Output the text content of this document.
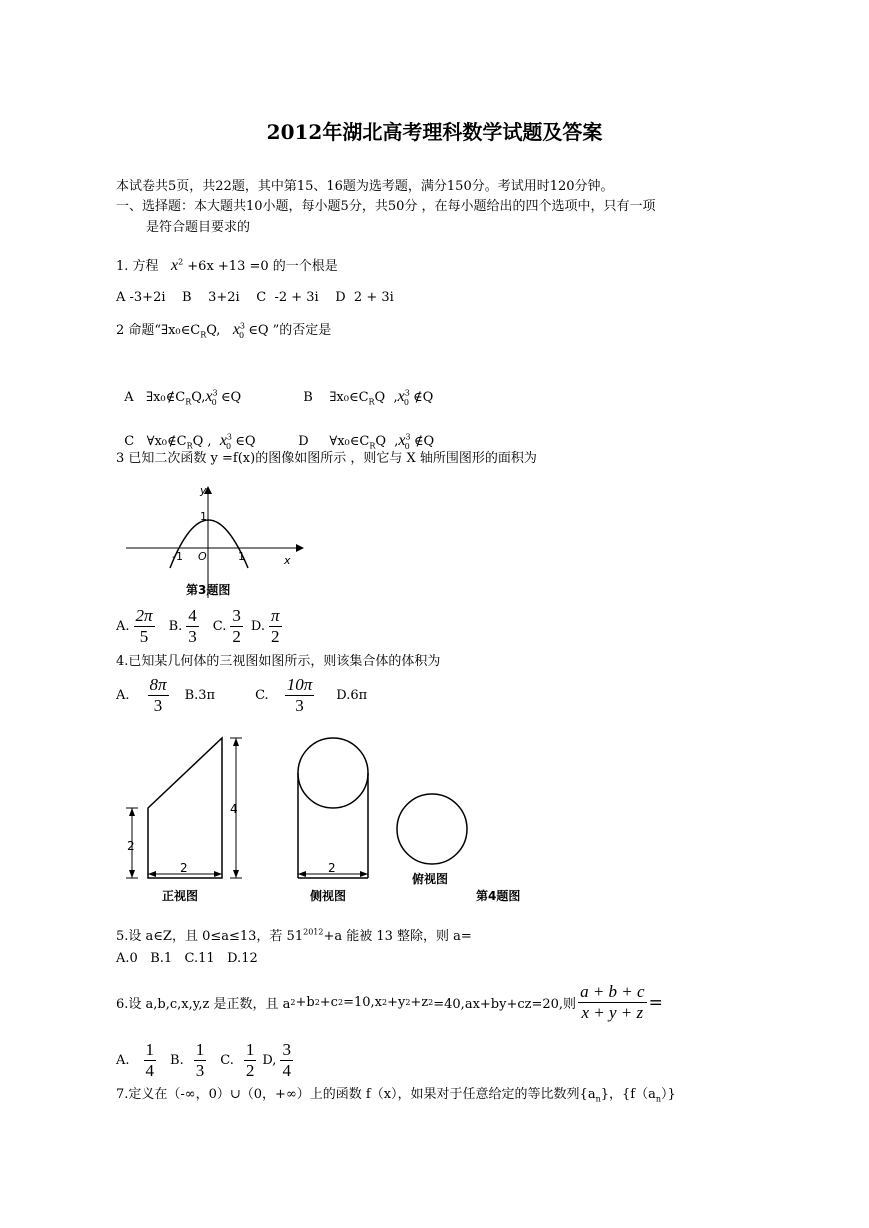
2012年湖北高考理科数学试题及答案
本试卷共5页，共22题，其中第15、16题为选考题，满分150分。考试用时120分钟。
一、选择题：本大题共10小题，每小题5分，共50分 ，在每小题给出的四个选项中，只有一项
是符合题目要求的
1. 方程 $x^2 +6x +13 =0$ 的一个根是
A -3+2i    B    3+2i    C  -2 + 3i    D  2 + 3i
2 命题“$\exists x_0\in C_RQ$, $x^3_0$ ∈Q ”的否定是

A   $\exists x_0\notin C_RQ,x^3_0$ ∈Q	B    $\exists x_0\in C_RQ$  $,x^3_0$ ∉Q

C   $\forall x_0\notin C_RQ$ , $x^3_0$ ∈Q	D     $\forall x_0\in C_RQ$  $,x^3_0$ ∉Q

3 已知二次函数 y =f(x)的图像如图所示 ，则它与 X 轴所围图形的面积为
y
1
-1 O	1	x
第3题图
A. $\frac{2\pi}{5} B$. $\frac{4}{3} C$. $\frac{3}{2} D$. $\frac{\pi}{2}$
4.已知某几何体的三视图如图所示，则该集合体的体积为
A. $\frac{8\pi}{3} B.3\pi$	C. $\frac{10\pi}{3} D.6\pi$
4
2
2
正视图
2
侧视图
俯视图
第4题图
5.设 a∈Z，且 0≤a≤13，若 $51^{2012}+a$ 能被 13 整除，则 a=
A.0   B.1   C.11   D.12
6.设 a,b,c,x,y,z 是正数，且 a 2 +b 2 +c 2 =10,x 2 +y 2 +z 2 =40,ax+by+cz=20,则 $\frac{a + b + c}{x + y + z}$ =
A. $\frac{1}{4} B$. $\frac{1}{3} C$. $\frac{1}{2} D$, $\frac{3}{4}$
7.定义在（-∞，0）∪（0，+∞）上的函数 f（x），如果对于任意给定的等比数列$\{a_n\}$，$\{f(a_n)\}$
